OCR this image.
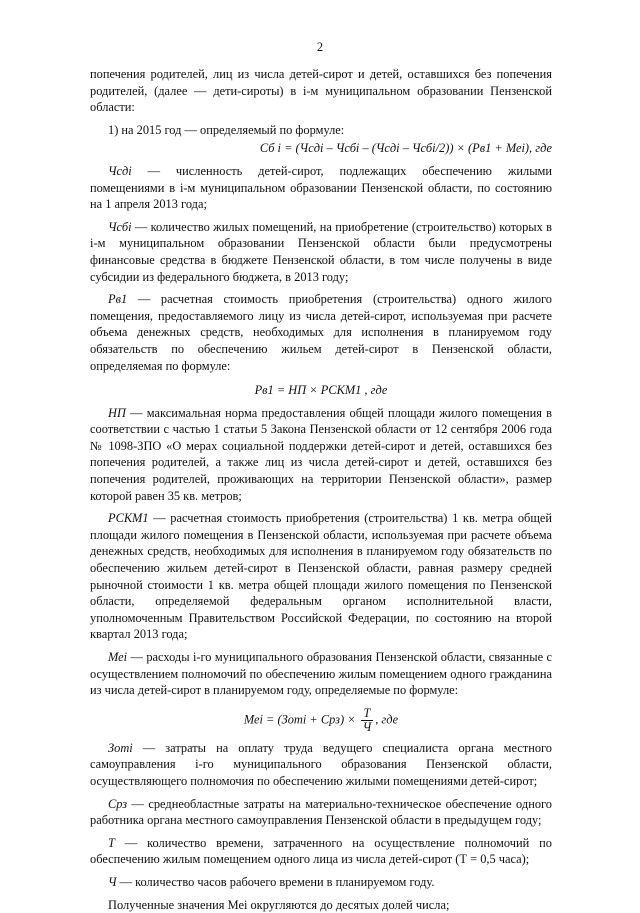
2

попечения родителей, лиц из числа детей-сирот и детей, оставшихся без попечения родителей, (далее — дети-сироты) в i-м муниципальном образовании Пензенской области:

1) на 2015 год — определяемый по формуле:

Сб i = (Чсдi – Чсбi – (Чсдi – Чсбi/2)) × (Рв1 + Меi), где

Чсдi — численность детей-сирот, подлежащих обеспечению жилыми помещениями в i-м муниципальном образовании Пензенской области, по состоянию на 1 апреля 2013 года;

Чсбi — количество жилых помещений, на приобретение (строительство) которых в i-м муниципальном образовании Пензенской области были предусмотрены финансовые средства в бюджете Пензенской области, в том числе получены в виде субсидии из федерального бюджета, в 2013 году;

Рв1 — расчетная стоимость приобретения (строительства) одного жилого помещения, предоставляемого лицу из числа детей-сирот, используемая при расчете объема денежных средств, необходимых для исполнения в планируемом году обязательств по обеспечению жильем детей-сирот в Пензенской области, определяемая по формуле:

Рв1 = НП × РСКМ1 , где

НП — максимальная норма предоставления общей площади жилого помещения в соответствии с частью 1 статьи 5 Закона Пензенской области от 12 сентября 2006 года № 1098-ЗПО «О мерах социальной поддержки детей-сирот и детей, оставшихся без попечения родителей, а также лиц из числа детей-сирот и детей, оставшихся без попечения родителей, проживающих на территории Пензенской области», размер которой равен 35 кв. метров;

РСКМ1 — расчетная стоимость приобретения (строительства) 1 кв. метра общей площади жилого помещения в Пензенской области, используемая при расчете объема денежных средств, необходимых для исполнения в планируемом году обязательств по обеспечению жильем детей-сирот в Пензенской области, равная размеру средней рыночной стоимости 1 кв. метра общей площади жилого помещения по Пензенской области, определяемой федеральным органом исполнительной власти, уполномоченным Правительством Российской Федерации, по состоянию на второй квартал 2013 года;

Меi — расходы i-го муниципального образования Пензенской области, связанные с осуществлением полномочий по обеспечению жилым помещением одного гражданина из числа детей-сирот в планируемом году, определяемые по формуле:

Меi = (Зотi + $Срз) \times \frac{Т}{Ч}$ , где

Зотi — затраты на оплату труда ведущего специалиста органа местного самоуправления i-го муниципального образования Пензенской области, осуществляющего полномочия по обеспечению жилыми помещениями детей-сирот;

Срз — среднеобластные затраты на материально-техническое обеспечение одного работника органа местного самоуправления Пензенской области в предыдущем году;

Т — количество времени, затраченного на осуществление полномочий по обеспечению жилым помещением одного лица из числа детей-сирот (Т = 0,5 часа);

Ч — количество часов рабочего времени в планируемом году.

Полученные значения Меi округляются до десятых долей числа;
